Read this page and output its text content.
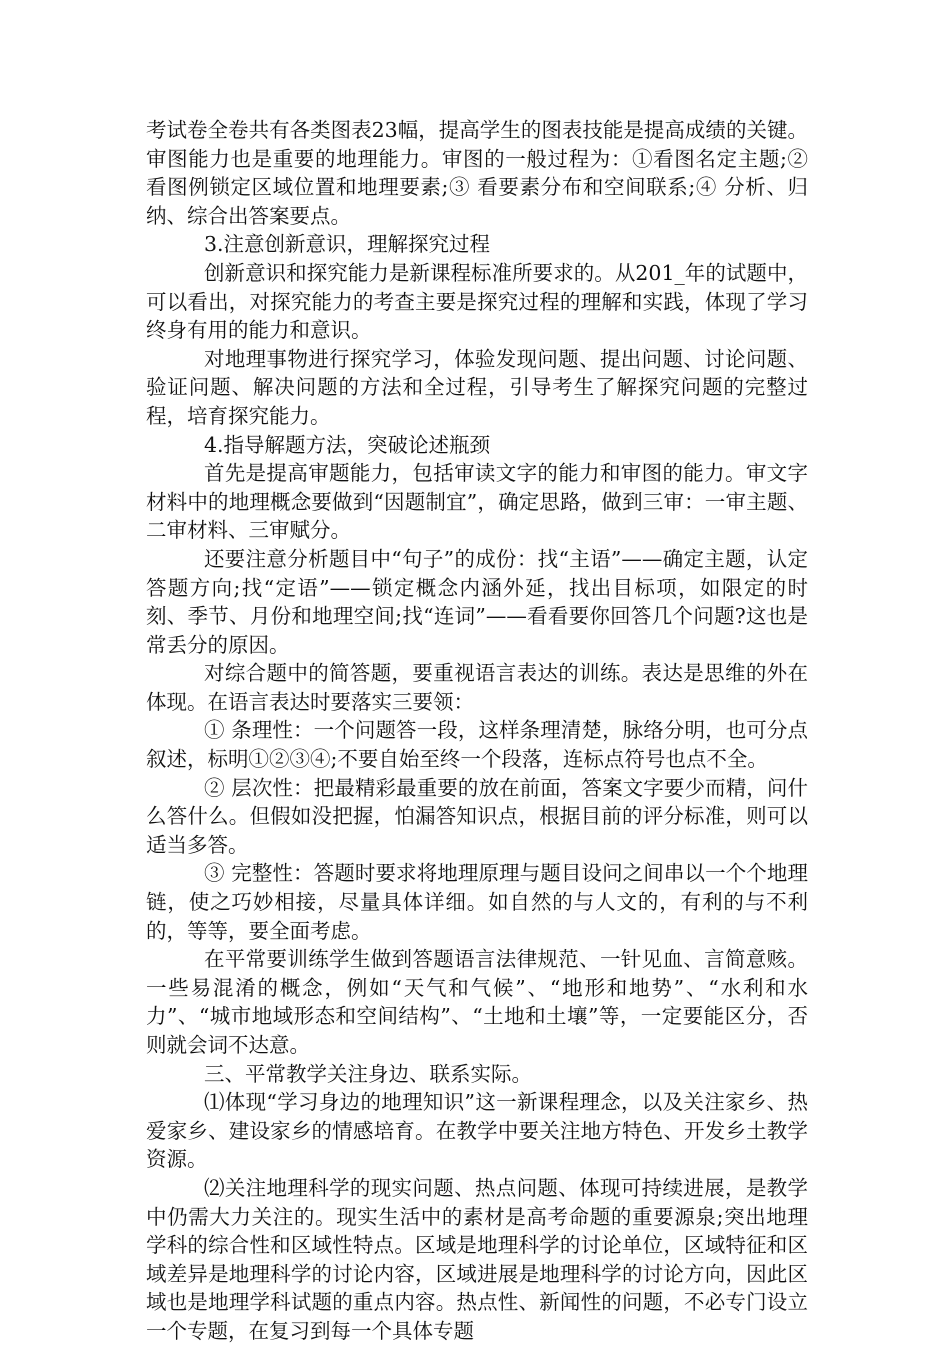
考试卷全卷共有各类图表23幅，提高学生的图表技能是提高成绩的关键。审图能力也是重要的地理能力。审图的一般过程为：①看图名定主题;② 看图例锁定区域位置和地理要素;③ 看要素分布和空间联系;④ 分析、归纳、综合出答案要点。

3.注意创新意识，理解探究过程

创新意识和探究能力是新课程标准所要求的。从201_年的试题中，可以看出，对探究能力的考查主要是探究过程的理解和实践，体现了学习终身有用的能力和意识。

对地理事物进行探究学习，体验发现问题、提出问题、讨论问题、验证问题、解决问题的方法和全过程，引导考生了解探究问题的完整过程，培育探究能力。

4.指导解题方法，突破论述瓶颈

首先是提高审题能力，包括审读文字的能力和审图的能力。审文字材料中的地理概念要做到“因题制宜”，确定思路，做到三审：一审主题、二审材料、三审赋分。

还要注意分析题目中“句子”的成份：找“主语”——确定主题，认定答题方向;找“定语”——锁定概念内涵外延，找出目标项，如限定的时刻、季节、月份和地理空间;找“连词”——看看要你回答几个问题?这也是常丢分的原因。

对综合题中的简答题，要重视语言表达的训练。表达是思维的外在体现。在语言表达时要落实三要领：

① 条理性：一个问题答一段，这样条理清楚，脉络分明，也可分点叙述，标明①②③④;不要自始至终一个段落，连标点符号也点不全。

② 层次性：把最精彩最重要的放在前面，答案文字要少而精，问什么答什么。但假如没把握，怕漏答知识点，根据目前的评分标准，则可以适当多答。

③ 完整性：答题时要求将地理原理与题目设问之间串以一个个地理链，使之巧妙相接，尽量具体详细。如自然的与人文的，有利的与不利的，等等，要全面考虑。

在平常要训练学生做到答题语言法律规范、一针见血、言简意赅。一些易混淆的概念，例如“天气和气候”、“地形和地势”、“水利和水力”、“城市地域形态和空间结构”、“土地和土壤”等，一定要能区分，否则就会词不达意。

三、平常教学关注身边、联系实际。

⑴体现“学习身边的地理知识”这一新课程理念，以及关注家乡、热爱家乡、建设家乡的情感培育。在教学中要关注地方特色、开发乡土教学资源。

⑵关注地理科学的现实问题、热点问题、体现可持续进展，是教学中仍需大力关注的。现实生活中的素材是高考命题的重要源泉;突出地理学科的综合性和区域性特点。区域是地理科学的讨论单位，区域特征和区域差异是地理科学的讨论内容，区域进展是地理科学的讨论方向，因此区域也是地理学科试题的重点内容。热点性、新闻性的问题，不必专门设立一个专题，在复习到每一个具体专题
